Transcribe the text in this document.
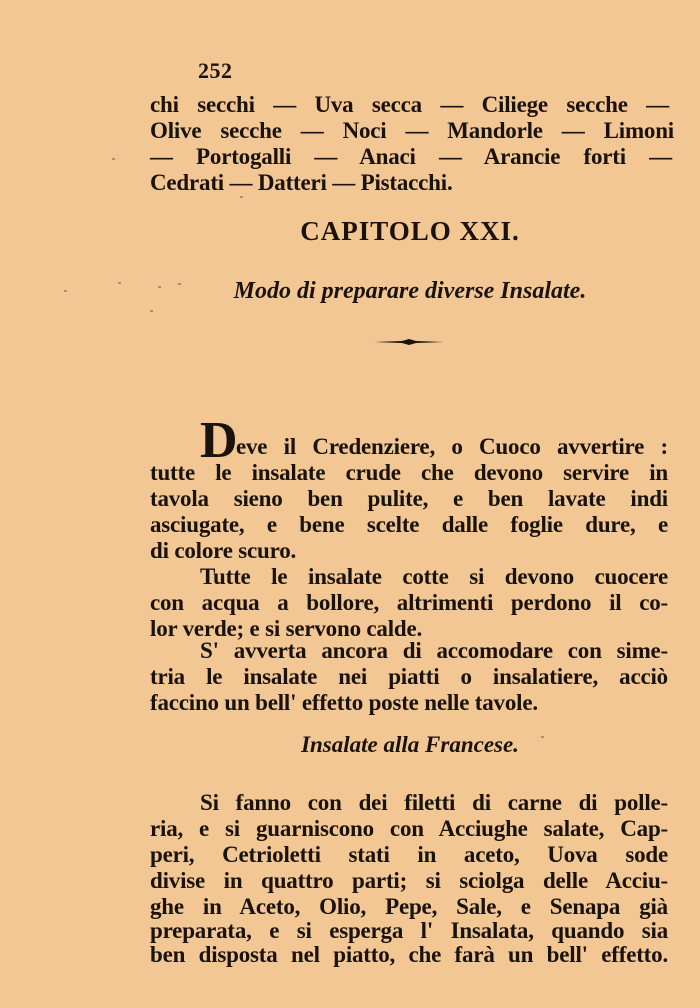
252
chi secchi — Uva secca — Ciliege secche —
Olive secche — Noci — Mandorle — Limoni
— Portogalli — Anaci — Arancie forti —
Cedrati — Datteri — Pistacchi.
CAPITOLO XXI.
Modo di preparare diverse Insalate.
D
eve il Credenziere, o Cuoco avvertire :
tutte le insalate crude che devono servire in
tavola sieno ben pulite, e ben lavate indi
asciugate, e bene scelte dalle foglie dure, e
di colore scuro.
Tutte le insalate cotte si devono cuocere
con acqua a bollore, altrimenti perdono il co-
lor verde; e si servono calde.
S' avverta ancora di accomodare con sime-
tria le insalate nei piatti o insalatiere, acciò
faccino un bell' effetto poste nelle tavole.
Insalate alla Francese.
Si fanno con dei filetti di carne di polle-
ria, e si guarniscono con Acciughe salate, Cap-
peri, Cetrioletti stati in aceto, Uova sode
divise in quattro parti; si sciolga delle Acciu-
ghe in Aceto, Olio, Pepe, Sale, e Senapa già
preparata, e si esperga l' Insalata, quando sia
ben disposta nel piatto, che farà un bell' effetto.
